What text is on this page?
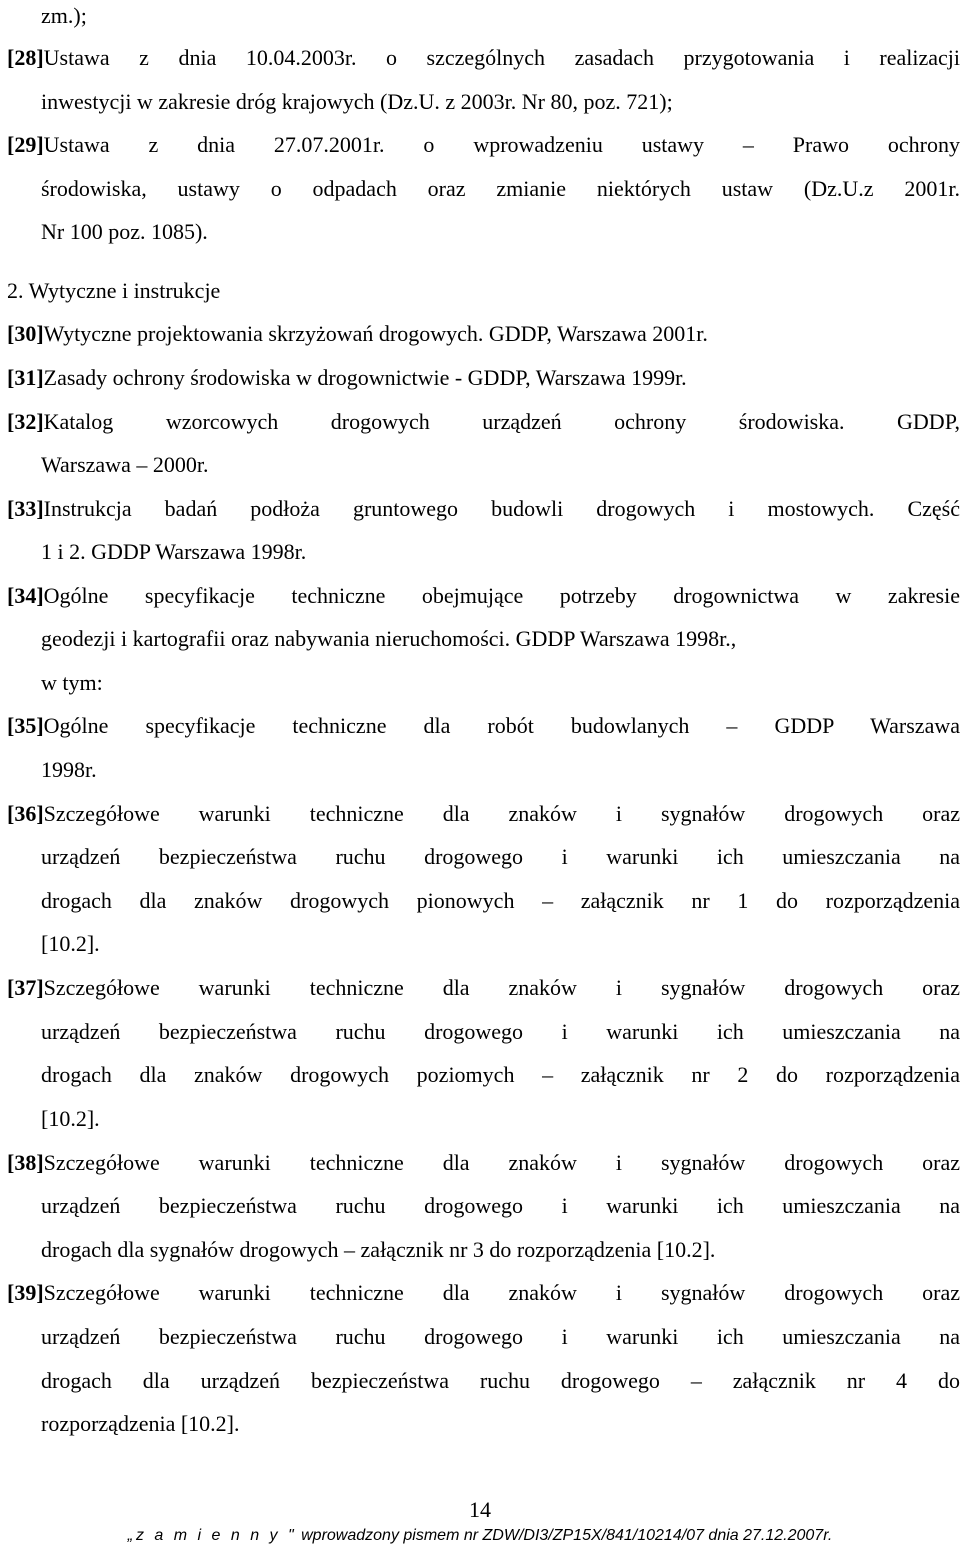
zm.);
[28]Ustawa z dnia 10.04.2003r. o szczególnych zasadach przygotowania i realizacji
inwestycji w zakresie dróg krajowych (Dz.U. z 2003r. Nr 80, poz. 721);
[29]Ustawa z dnia 27.07.2001r. o wprowadzeniu ustawy – Prawo ochrony
środowiska, ustawy o odpadach oraz zmianie niektórych ustaw (Dz.U.z 2001r.
Nr 100 poz. 1085).
2. Wytyczne i instrukcje
[30]Wytyczne projektowania skrzyżowań drogowych. GDDP, Warszawa 2001r.
[31]Zasady ochrony środowiska w drogownictwie - GDDP, Warszawa 1999r.
[32]Katalog wzorcowych drogowych urządzeń ochrony środowiska. GDDP,
Warszawa – 2000r.
[33]Instrukcja badań podłoża gruntowego budowli drogowych i mostowych. Część
1 i 2. GDDP Warszawa 1998r.
[34]Ogólne specyfikacje techniczne obejmujące potrzeby drogownictwa w zakresie
geodezji i kartografii oraz nabywania nieruchomości. GDDP Warszawa 1998r.,
w tym:
[35]Ogólne specyfikacje techniczne dla robót budowlanych – GDDP Warszawa
1998r.
[36]Szczegółowe warunki techniczne dla znaków i sygnałów drogowych oraz
urządzeń bezpieczeństwa ruchu drogowego i warunki ich umieszczania na
drogach dla znaków drogowych pionowych – załącznik nr 1 do rozporządzenia
[10.2].
[37]Szczegółowe warunki techniczne dla znaków i sygnałów drogowych oraz
urządzeń bezpieczeństwa ruchu drogowego i warunki ich umieszczania na
drogach dla znaków drogowych poziomych – załącznik nr 2 do rozporządzenia
[10.2].
[38]Szczegółowe warunki techniczne dla znaków i sygnałów drogowych oraz
urządzeń bezpieczeństwa ruchu drogowego i warunki ich umieszczania na
drogach dla sygnałów drogowych – załącznik nr 3 do rozporządzenia [10.2].
[39]Szczegółowe warunki techniczne dla znaków i sygnałów drogowych oraz
urządzeń bezpieczeństwa ruchu drogowego i warunki ich umieszczania na
drogach dla urządzeń bezpieczeństwa ruchu drogowego – załącznik nr 4 do
rozporządzenia [10.2].
14
„z a m i e n n y " wprowadzony pismem nr ZDW/DI3/ZP15X/841/10214/07 dnia 27.12.2007r.
